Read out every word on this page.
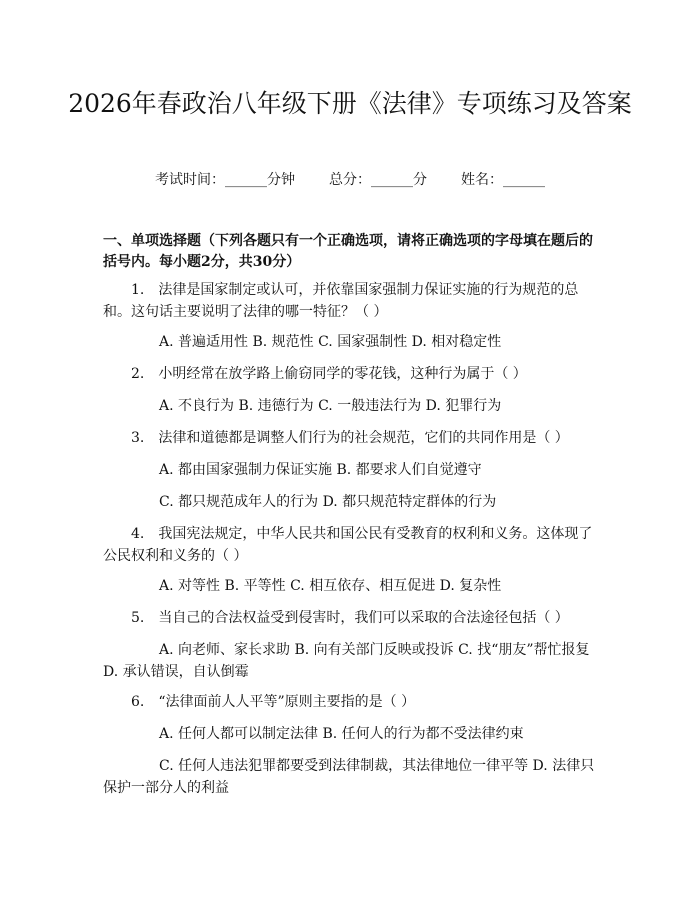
2026年春政治八年级下册《法律》专项练习及答案
考试时间：______分钟 总分：______分 姓名：______
一、单项选择题（下列各题只有一个正确选项，请将正确选项的字母填在题后的括号内。每小题2分，共30分）
1.　法律是国家制定或认可，并依靠国家强制力保证实施的行为规范的总和。这句话主要说明了法律的哪一特征？（ ）
A. 普遍适用性 B. 规范性 C. 国家强制性 D. 相对稳定性
2.　小明经常在放学路上偷窃同学的零花钱，这种行为属于（ ）
A. 不良行为 B. 违德行为 C. 一般违法行为 D. 犯罪行为
3.　法律和道德都是调整人们行为的社会规范，它们的共同作用是（ ）
A. 都由国家强制力保证实施 B. 都要求人们自觉遵守
C. 都只规范成年人的行为 D. 都只规范特定群体的行为
4.　我国宪法规定，中华人民共和国公民有受教育的权利和义务。这体现了公民权利和义务的（ ）
A. 对等性 B. 平等性 C. 相互依存、相互促进 D. 复杂性
5.　当自己的合法权益受到侵害时，我们可以采取的合法途径包括（ ）
A. 向老师、家长求助 B. 向有关部门反映或投诉 C. 找“朋友”帮忙报复 D. 承认错误，自认倒霉
6.　“法律面前人人平等”原则主要指的是（ ）
A. 任何人都可以制定法律 B. 任何人的行为都不受法律约束
C. 任何人违法犯罪都要受到法律制裁，其法律地位一律平等 D. 法律只保护一部分人的利益
